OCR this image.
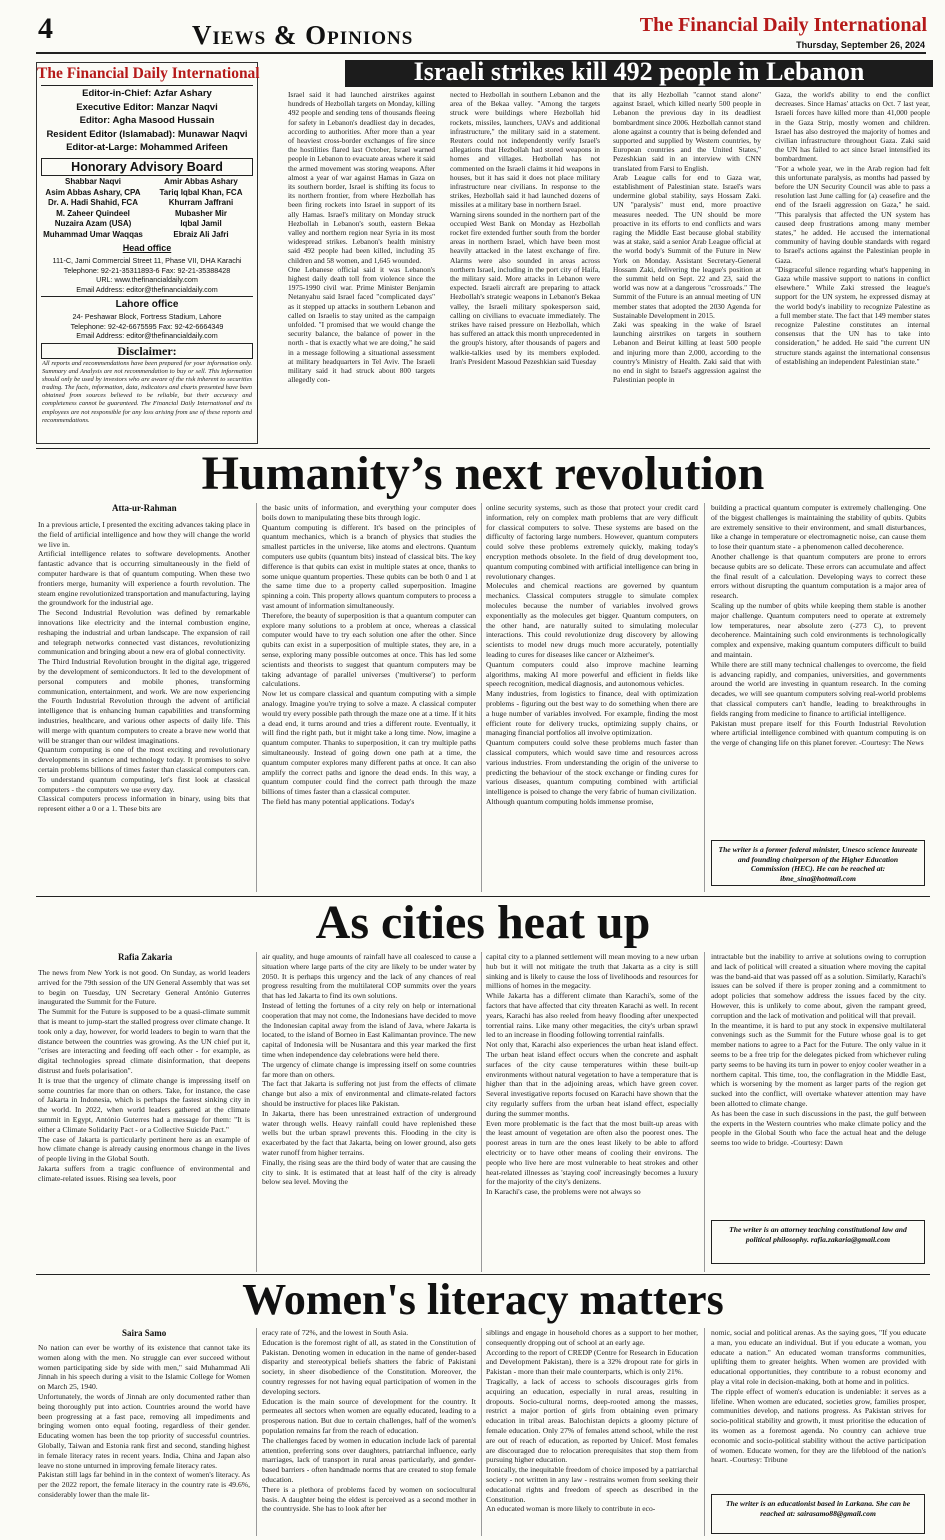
4	Views & Opinions	The Financial Daily International
Thursday, September 26, 2024
The Financial Daily International
Editor-in-Chief: Azfar Ashary
Executive Editor: Manzar Naqvi
Editor: Agha Masood Hussain
Resident Editor (Islamabad): Munawar Naqvi
Editor-at-Large: Mohammed Arifeen
Honorary Advisory Board
Shabbar Naqvi
Asim Abbas Ashary, CPA
Dr. A. Hadi Shahid, FCA
M. Zaheer Quindeel
Nuzaira Azam (USA)
Muhammad Umar Waqqas
Amir Abbas Ashary
Tariq Iqbal Khan, FCA
Khurram Jaffrani
Mubasher Mir
Iqbal Jamil
Ebraiz Ali Jafri
Head office
111-C, Jami Commercial Street 11, Phase VII, DHA Karachi
Telephone: 92-21-35311893-6 Fax: 92-21-35388428
URL: www.thefinancialdaily.com
Email Address: editor@thefinancialdaily.com
Lahore office
24- Peshawar Block, Fortress Stadium, Lahore
Telephone: 92-42-6675595 Fax: 92-42-6664349
Email Address: editor@thefinancialdaily.com
Disclaimer:
All reports and recommendations have been prepared for your information only. Summary and Analysis are not recommendation to buy or sell. This information should only be used by investors who are aware of the risk inherent to securities trading. The facts, information, data, indicators and charts presented have been obtained from sources believed to be reliable, but their accuracy and completeness cannot be guaranteed. The Financial Daily International and its employees are not responsible for any loss arising from use of these reports and recommendations.
Israeli strikes kill 492 people in Lebanon
Israel said it had launched airstrikes against hundreds of Hezbollah targets on Monday, killing 492 people and sending tens of thousands fleeing for safety in Lebanon's deadliest day in decades, according to authorities. After more than a year of heaviest cross-border exchanges of fire since the hostilities flared last October, Israel warned people in Lebanon to evacuate areas where it said the armed movement was storing weapons. After almost a year of war against Hamas in Gaza on its southern border, Israel is shifting its focus to its northern frontier, from where Hezbollah has been firing rockets into Israel in support of its ally Hamas. Israel's military on Monday struck Hezbollah in Lebanon's south, eastern Bekaa valley and northern region near Syria in its most widespread strikes. Lebanon's health ministry said 492 people had been killed, including 35 children and 58 women, and 1,645 wounded.
One Lebanese official said it was Lebanon's highest daily death toll from violence since the 1975-1990 civil war. Prime Minister Benjamin Netanyahu said Israel faced "complicated days" as it stepped up attacks in southern Lebanon and called on Israelis to stay united as the campaign unfolded. "I promised that we would change the security balance, the balance of power in the north - that is exactly what we are doing," he said in a message following a situational assessment at military headquarters in Tel Aviv. The Israeli military said it had struck about 800 targets allegedly con-
nected to Hezbollah in southern Lebanon and the area of the Bekaa valley. "Among the targets struck were buildings where Hezbollah hid rockets, missiles, launchers, UAVs and additional infrastructure," the military said in a statement. Reuters could not independently verify Israel's allegations that Hezbollah had stored weapons in homes and villages. Hezbollah has not commented on the Israeli claims it hid weapons in houses, but it has said it does not place military infrastructure near civilians. In response to the strikes, Hezbollah said it had launched dozens of missiles at a military base in northern Israel.
Warning sirens sounded in the northern part of the occupied West Bank on Monday as Hezbollah rocket fire extended further south from the border areas in northern Israel, which have been most heavily attacked in the latest exchange of fire. Alarms were also sounded in areas across northern Israel, including in the port city of Haifa, the military said. More attacks in Lebanon were expected. Israeli aircraft are preparing to attack Hezbollah's strategic weapons in Lebanon's Bekaa valley, the Israeli military spokesperson said, calling on civilians to evacuate immediately. The strikes have raised pressure on Hezbollah, which has suffered an attack this month unprecedented in the group's history, after thousands of pagers and walkie-talkies used by its members exploded. Iran's President Masoud Pezeshkian said Tuesday
that its ally Hezbollah "cannot stand alone" against Israel, which killed nearly 500 people in Lebanon the previous day in its deadliest bombardment since 2006. Hezbollah cannot stand alone against a country that is being defended and supported and supplied by Western countries, by European countries and the United States," Pezeshkian said in an interview with CNN translated from Farsi to English.
Arab League calls for end to Gaza war, establishment of Palestinian state. Israel's wars undermine global stability, says Hossam Zaki. UN "paralysis" must end, more proactive measures needed. The UN should be more proactive in its efforts to end conflicts and wars raging the Middle East because global stability was at stake, said a senior Arab League official at the world body's Summit of the Future in New York on Monday. Assistant Secretary-General Hossam Zaki, delivering the league's position at the summit held on Sept. 22 and 23, said the world was now at a dangerous "crossroads." The Summit of the Future is an annual meeting of UN member states that adopted the 2030 Agenda for Sustainable Development in 2015.
Zaki was speaking in the wake of Israel launching airstrikes on targets in southern Lebanon and Beirut killing at least 500 people and injuring more than 2,000, according to the country's Ministry of Health. Zaki said that with no end in sight to Israel's aggression against the Palestinian people in
Gaza, the world's ability to end the conflict decreases. Since Hamas' attacks on Oct. 7 last year, Israeli forces have killed more than 41,000 people in the Gaza Strip, mostly women and children. Israel has also destroyed the majority of homes and civilian infrastructure throughout Gaza. Zaki said the UN has failed to act since Israel intensified its bombardment.
"For a whole year, we in the Arab region had felt this unfortunate paralysis, as months had passed by before the UN Security Council was able to pass a resolution last June calling for (a) ceasefire and the end of the Israeli aggression on Gaza," he said. "This paralysis that affected the UN system has caused deep frustrations among many member states," he added. He accused the international community of having double standards with regard to Israel's actions against the Palestinian people in Gaza.
"Disgraceful silence regarding what's happening in Gaza while massive support to nations in conflict elsewhere." While Zaki stressed the league's support for the UN system, he expressed dismay at the world body's inability to recognize Palestine as a full member state. The fact that 149 member states recognize Palestine constitutes an internal consensus that the UN has to take into consideration," he added. He said "the current UN structure stands against the international consensus of establishing an independent Palestinian state."
Humanity’s next revolution
Atta-ur-Rahman
In a previous article, I presented the exciting advances taking place in the field of artificial intelligence and how they will change the world we live in.
Artificial intelligence relates to software developments. Another fantastic advance that is occurring simultaneously in the field of computer hardware is that of quantum computing. When these two frontiers merge, humanity will experience a fourth revolution. The steam engine revolutionized transportation and manufacturing, laying the groundwork for the industrial age.
The Second Industrial Revolution was defined by remarkable innovations like electricity and the internal combustion engine, reshaping the industrial and urban landscape. The expansion of rail and telegraph networks connected vast distances, revolutionizing communication and bringing about a new era of global connectivity.
The Third Industrial Revolution brought in the digital age, triggered by the development of semiconductors. It led to the development of personal computers and mobile phones, transforming communication, entertainment, and work. We are now experiencing the Fourth Industrial Revolution through the advent of artificial intelligence that is enhancing human capabilities and transforming industries, healthcare, and various other aspects of daily life. This will merge with quantum computers to create a brave new world that will be stranger than our wildest imaginations.
Quantum computing is one of the most exciting and revolutionary developments in science and technology today. It promises to solve certain problems billions of times faster than classical computers can. To understand quantum computing, let's first look at classical computers - the computers we use every day.
Classical computers process information in binary, using bits that represent either a 0 or a 1. These bits are
the basic units of information, and everything your computer does boils down to manipulating these bits through logic.
Quantum computing is different. It's based on the principles of quantum mechanics, which is a branch of physics that studies the smallest particles in the universe, like atoms and electrons. Quantum computers use qubits (quantum bits) instead of classical bits. The key difference is that qubits can exist in multiple states at once, thanks to some unique quantum properties. These qubits can be both 0 and 1 at the same time due to a property called superposition. Imagine spinning a coin. This property allows quantum computers to process a vast amount of information simultaneously.
Therefore, the beauty of superposition is that a quantum computer can explore many solutions to a problem at once, whereas a classical computer would have to try each solution one after the other. Since qubits can exist in a superposition of multiple states, they are, in a sense, exploring many possible outcomes at once. This has led some scientists and theorists to suggest that quantum computers may be taking advantage of parallel universes ('multiverse') to perform calculations.
Now let us compare classical and quantum computing with a simple analogy. Imagine you're trying to solve a maze. A classical computer would try every possible path through the maze one at a time. If it hits a dead end, it turns around and tries a different route. Eventually, it will find the right path, but it might take a long time. Now, imagine a quantum computer. Thanks to superposition, it can try multiple paths simultaneously. Instead of going down one path at a time, the quantum computer explores many different paths at once. It can also amplify the correct paths and ignore the dead ends. In this way, a quantum computer could find the correct path through the maze billions of times faster than a classical computer.
The field has many potential applications. Today's
online security systems, such as those that protect your credit card information, rely on complex math problems that are very difficult for classical computers to solve. These systems are based on the difficulty of factoring large numbers. However, quantum computers could solve these problems extremely quickly, making today's encryption methods obsolete. In the field of drug development too, quantum computing combined with artificial intelligence can bring in revolutionary changes.
Molecules and chemical reactions are governed by quantum mechanics. Classical computers struggle to simulate complex molecules because the number of variables involved grows exponentially as the molecules get bigger. Quantum computers, on the other hand, are naturally suited to simulating molecular interactions. This could revolutionize drug discovery by allowing scientists to model new drugs much more accurately, potentially leading to cures for diseases like cancer or Alzheimer's.
Quantum computers could also improve machine learning algorithms, making AI more powerful and efficient in fields like speech recognition, medical diagnosis, and autonomous vehicles.
Many industries, from logistics to finance, deal with optimization problems - figuring out the best way to do something when there are a huge number of variables involved. For example, finding the most efficient route for delivery trucks, optimizing supply chains, or managing financial portfolios all involve optimization.
Quantum computers could solve these problems much faster than classical computers, which would save time and resources across various industries. From understanding the origin of the universe to predicting the behaviour of the stock exchange or finding cures for various diseases, quantum computing combined with artificial intelligence is poised to change the very fabric of human civilization.
Although quantum computing holds immense promise,
building a practical quantum computer is extremely challenging. One of the biggest challenges is maintaining the stability of qubits. Qubits are extremely sensitive to their environment, and small disturbances, like a change in temperature or electromagnetic noise, can cause them to lose their quantum state - a phenomenon called decoherence.
Another challenge is that quantum computers are prone to errors because qubits are so delicate. These errors can accumulate and affect the final result of a calculation. Developing ways to correct these errors without disrupting the quantum computation is a major area of research.
Scaling up the number of qbits while keeping them stable is another major challenge. Quantum computers need to operate at extremely low temperatures, near absolute zero (-273 C), to prevent decoherence. Maintaining such cold environments is technologically complex and expensive, making quantum computers difficult to build and maintain.
While there are still many technical challenges to overcome, the field is advancing rapidly, and companies, universities, and governments around the world are investing in quantum research. In the coming decades, we will see quantum computers solving real-world problems that classical computers can't handle, leading to breakthroughs in fields ranging from medicine to finance to artificial intelligence.
Pakistan must prepare itself for this Fourth Industrial Revolution where artificial intelligence combined with quantum computing is on the verge of changing life on this planet forever. -Courtesy: The News
The writer is a former federal minister, Unesco science laureate and founding chairperson of the Higher Education Commission (HEC). He can be reached at: ibne_sina@hotmail.com
As cities heat up
Rafia Zakaria
The news from New York is not good. On Sunday, as world leaders arrived for the 79th session of the UN General Assembly that was set to begin on Tuesday, UN Secretary General António Guterres inaugurated the Summit for the Future.
The Summit for the Future is supposed to be a quasi-climate summit that is meant to jump-start the stalled progress over climate change. It took only a day, however, for world leaders to begin to warn that the distance between the countries was growing. As the UN chief put it, "crises are interacting and feeding off each other - for example, as digital technologies spread climate disinformation, that deepens distrust and fuels polarisation".
It is true that the urgency of climate change is impressing itself on some countries far more than on others. Take, for instance, the case of Jakarta in Indonesia, which is perhaps the fastest sinking city in the world. In 2022, when world leaders gathered at the climate summit in Egypt, António Guterres had a message for them: "It is either a Climate Solidarity Pact - or a Collective Suicide Pact."
The case of Jakarta is particularly pertinent here as an example of how climate change is already causing enormous change in the lives of people living in the Global South.
Jakarta suffers from a tragic confluence of environmental and climate-related issues. Rising sea levels, poor
air quality, and huge amounts of rainfall have all coalesced to cause a situation where large parts of the city are likely to be under water by 2050. It is perhaps this urgency and the lack of any chances of real progress resulting from the multilateral COP summits over the years that has led Jakarta to find its own solutions.
Instead of letting the fortunes of a city rely on help or international cooperation that may not come, the Indonesians have decided to move the Indonesian capital away from the island of Java, where Jakarta is located, to the island of Borneo in East Kalimantan province. The new capital of Indonesia will be Nusantara and this year marked the first time when independence day celebrations were held there.
The urgency of climate change is impressing itself on some countries far more than on others.
The fact that Jakarta is suffering not just from the effects of climate change but also a mix of environmental and climate-related factors should be instructive for places like Pakistan.
In Jakarta, there has been unrestrained extraction of underground water through wells. Heavy rainfall could have replenished these wells but the urban sprawl prevents this. Flooding in the city is exacerbated by the fact that Jakarta, being on lower ground, also gets water runoff from higher terrains.
Finally, the rising seas are the third body of water that are causing the city to sink. It is estimated that at least half of the city is already below sea level. Moving the
capital city to a planned settlement will mean moving to a new urban hub but it will not mitigate the truth that Jakarta as a city is still sinking and is likely to cause the loss of livelihoods and resources for millions of homes in the megacity.
While Jakarta has a different climate than Karachi's, some of the factors that have affected that city threaten Karachi as well. In recent years, Karachi has also reeled from heavy flooding after unexpected torrential rains. Like many other megacities, the city's urban sprawl led to an increase in flooding following torrential rainfalls.
Not only that, Karachi also experiences the urban heat island effect. The urban heat island effect occurs when the concrete and asphalt surfaces of the city cause temperatures within these built-up environments without natural vegetation to have a temperature that is higher than that in the adjoining areas, which have green cover. Several investigative reports focused on Karachi have shown that the city regularly suffers from the urban heat island effect, especially during the summer months.
Even more problematic is the fact that the most built-up areas with the least amount of vegetation are often also the poorest ones. The poorest areas in turn are the ones least likely to be able to afford electricity or to have other means of cooling their environs. The people who live here are most vulnerable to heat strokes and other heat-related illnesses as 'staying cool' increasingly becomes a luxury for the majority of the city's denizens.
In Karachi's case, the problems were not always so
intractable but the inability to arrive at solutions owing to corruption and lack of political will created a situation where moving the capital was the band-aid that was passed off as a solution. Similarly, Karachi's issues can be solved if there is proper zoning and a commitment to adopt policies that somehow address the issues faced by the city. However, this is unlikely to come about, given the rampant greed, corruption and the lack of motivation and political will that prevail.
In the meantime, it is hard to put any stock in expensive multilateral convenings such as the Summit for the Future whose goal is to get member nations to agree to a Pact for the Future. The only value in it seems to be a free trip for the delegates picked from whichever ruling party seems to be having its turn in power to enjoy cooler weather in a northern capital. This time, too, the conflagration in the Middle East, which is worsening by the moment as larger parts of the region get sucked into the conflict, will overtake whatever attention may have been allotted to climate change.
As has been the case in such discussions in the past, the gulf between the experts in the Western countries who make climate policy and the people in the Global South who face the actual heat and the deluge seems too wide to bridge. -Courtesy: Dawn
The writer is an attorney teaching constitutional law and political philosophy. rafia.zakaria@gmail.com
Women's literacy matters
Saira Samo
No nation can ever be worthy of its existence that cannot take its women along with the men. No struggle can ever succeed without women participating side by side with men," said Muhammad Ali Jinnah in his speech during a visit to the Islamic College for Women on March 25, 1940.
Unfortunately, the words of Jinnah are only documented rather than being thoroughly put into action. Countries around the world have been progressing at a fast pace, removing all impediments and bringing women onto equal footing, regardless of their gender. Educating women has been the top priority of successful countries. Globally, Taiwan and Estonia rank first and second, standing highest in female literacy rates in recent years. India, China and Japan also leave no stone unturned in improving female literacy rates.
Pakistan still lags far behind in in the context of women's literacy. As per the 2022 report, the female literacy in the country rate is 49.6%, considerably lower than the male lit-
eracy rate of 72%, and the lowest in South Asia.
Education is the foremost right of all, as stated in the Constitution of Pakistan. Denoting women in education in the name of gender-based disparity and stereotypical beliefs shatters the fabric of Pakistani society, in sheer disobedience of the Constitution. Moreover, the country regresses for not having equal participation of women in the developing sectors.
Education is the main source of development for the country. It permeates all sectors when women are equally educated, leading to a prosperous nation. But due to certain challenges, half of the women's population remains far from the reach of education.
The challenges faced by women in education include lack of parental attention, preferring sons over daughters, patriarchal influence, early marriages, lack of transport in rural areas particularly, and gender-based barriers - often handmade norms that are created to stop female education.
There is a plethora of problems faced by women on sociocultural basis. A daughter being the eldest is perceived as a second mother in the countryside. She has to look after her
siblings and engage in household chores as a support to her mother, consequently dropping out of school at an early age.
According to the report of CREDP (Centre for Research in Education and Development Pakistan), there is a 32% dropout rate for girls in Pakistan - more than their male counterparts, which is only 21%.
Tragically, a lack of access to schools discourages girls from acquiring an education, especially in rural areas, resulting in dropouts. Socio-cultural norms, deep-rooted among the masses, restrict a major portion of girls from obtaining even primary education in tribal areas. Balochistan depicts a gloomy picture of female education. Only 27% of females attend school, while the rest are out of reach of education, as reported by Unicef. Most females are discouraged due to relocation prerequisites that stop them from pursuing higher education.
Ironically, the inequitable freedom of choice imposed by a patriarchal society - not written in any law - restrains women from seeking their educational rights and freedom of speech as described in the Constitution.
An educated woman is more likely to contribute in eco-
nomic, social and political arenas. As the saying goes, "If you educate a man, you educate an individual. But if you educate a woman, you educate a nation." An educated woman transforms communities, uplifting them to greater heights. When women are provided with educational opportunities, they contribute to a robust economy and play a vital role in decision-making, both at home and in politics.
The ripple effect of women's education is undeniable: it serves as a lifeline. When women are educated, societies grow, families prosper, communities develop, and nations progress. As Pakistan strives for socio-political stability and growth, it must prioritise the education of its women as a foremost agenda. No country can achieve true economic and socio-political stability without the active participation of women. Educate women, for they are the lifeblood of the nation's heart. -Courtesy: Tribune
The writer is an educationist based in Larkana. She can be reached at: sairasamo88@gmail.com
